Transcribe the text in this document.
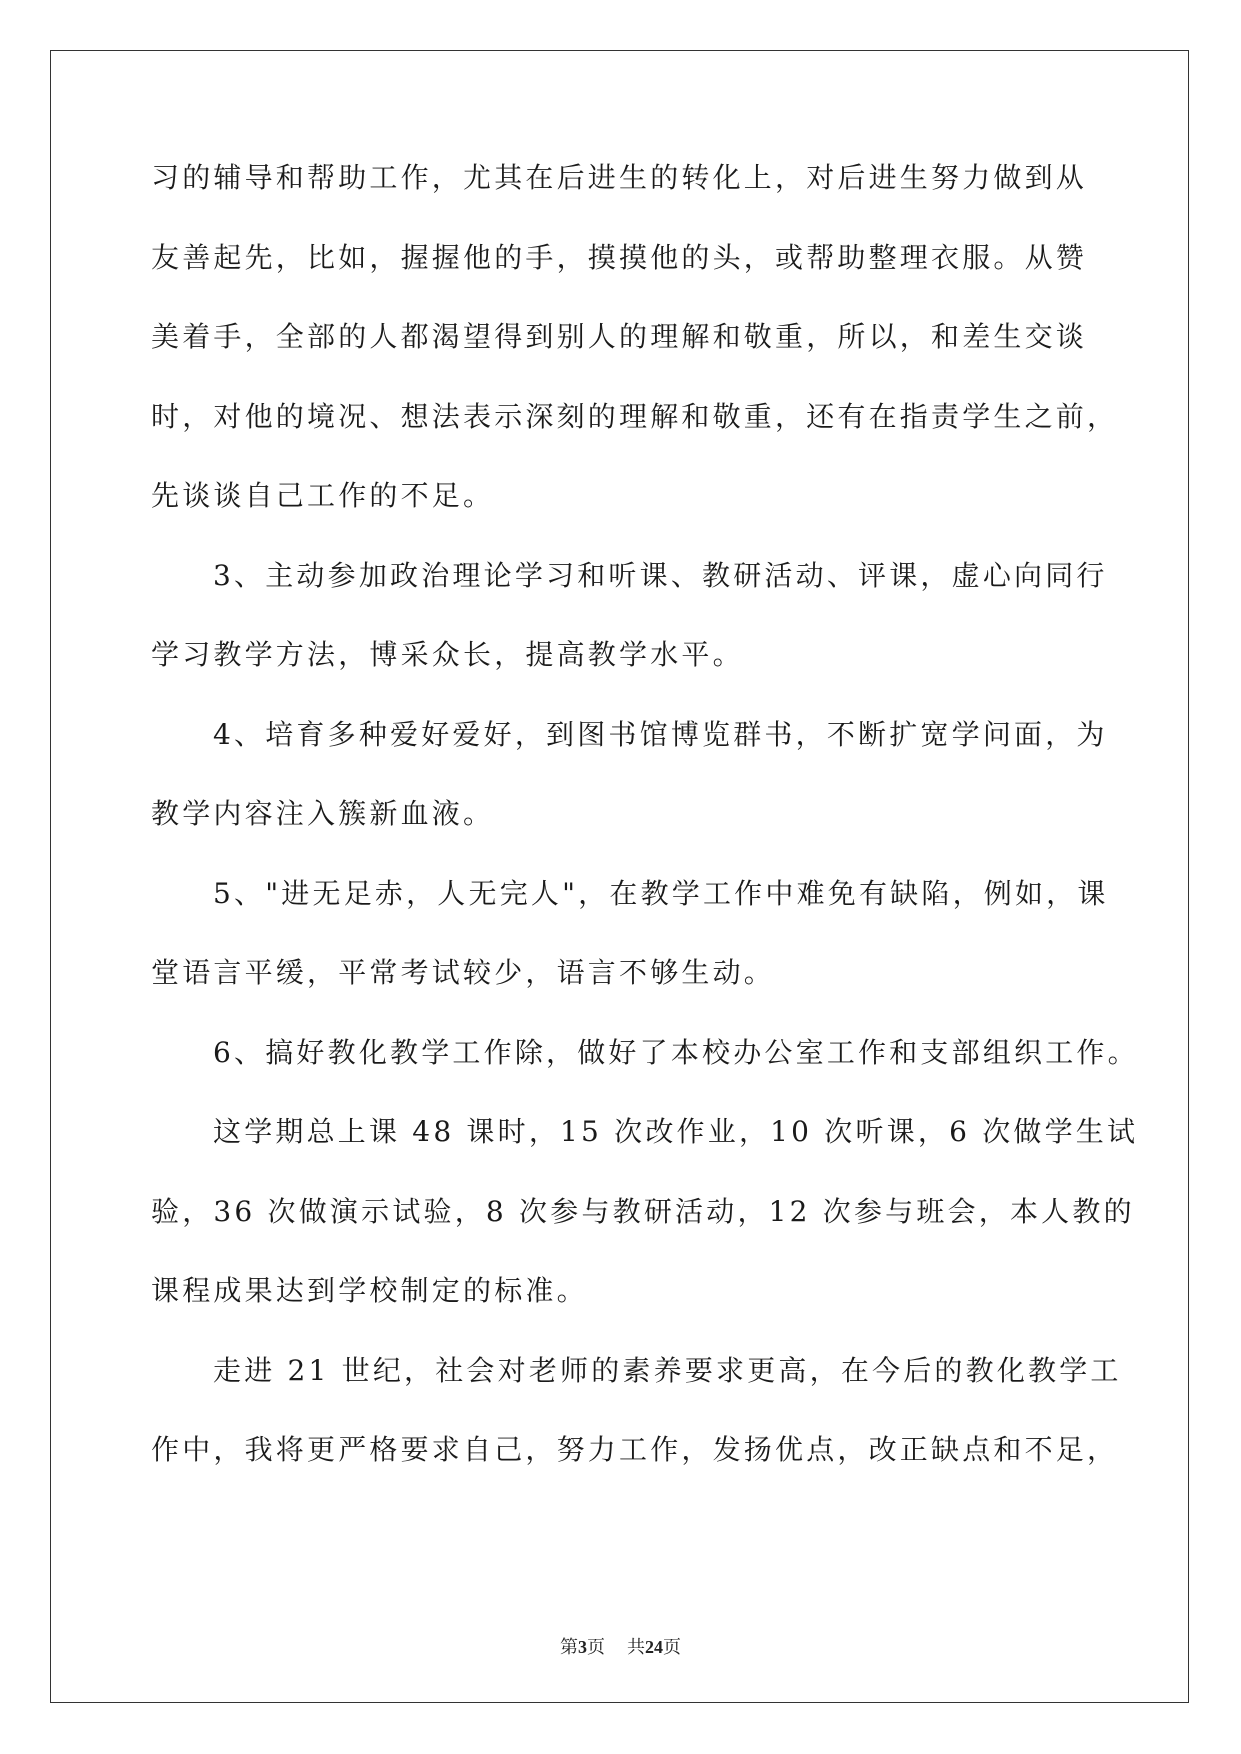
习的辅导和帮助工作，尤其在后进生的转化上，对后进生努力做到从
友善起先，比如，握握他的手，摸摸他的头，或帮助整理衣服。从赞
美着手，全部的人都渴望得到别人的理解和敬重，所以，和差生交谈
时，对他的境况、想法表示深刻的理解和敬重，还有在指责学生之前，
先谈谈自己工作的不足。
3、主动参加政治理论学习和听课、教研活动、评课，虚心向同行
学习教学方法，博采众长，提高教学水平。
4、培育多种爱好爱好，到图书馆博览群书，不断扩宽学问面，为
教学内容注入簇新血液。
5、"进无足赤，人无完人"，在教学工作中难免有缺陷，例如，课
堂语言平缓，平常考试较少，语言不够生动。
6、搞好教化教学工作除，做好了本校办公室工作和支部组织工作。
这学期总上课 48 课时，15 次改作业，10 次听课，6 次做学生试
验，36 次做演示试验，8 次参与教研活动，12 次参与班会，本人教的
课程成果达到学校制定的标准。
走进 21 世纪，社会对老师的素养要求更高，在今后的教化教学工
作中，我将更严格要求自己，努力工作，发扬优点，改正缺点和不足，
第3页 共24页
